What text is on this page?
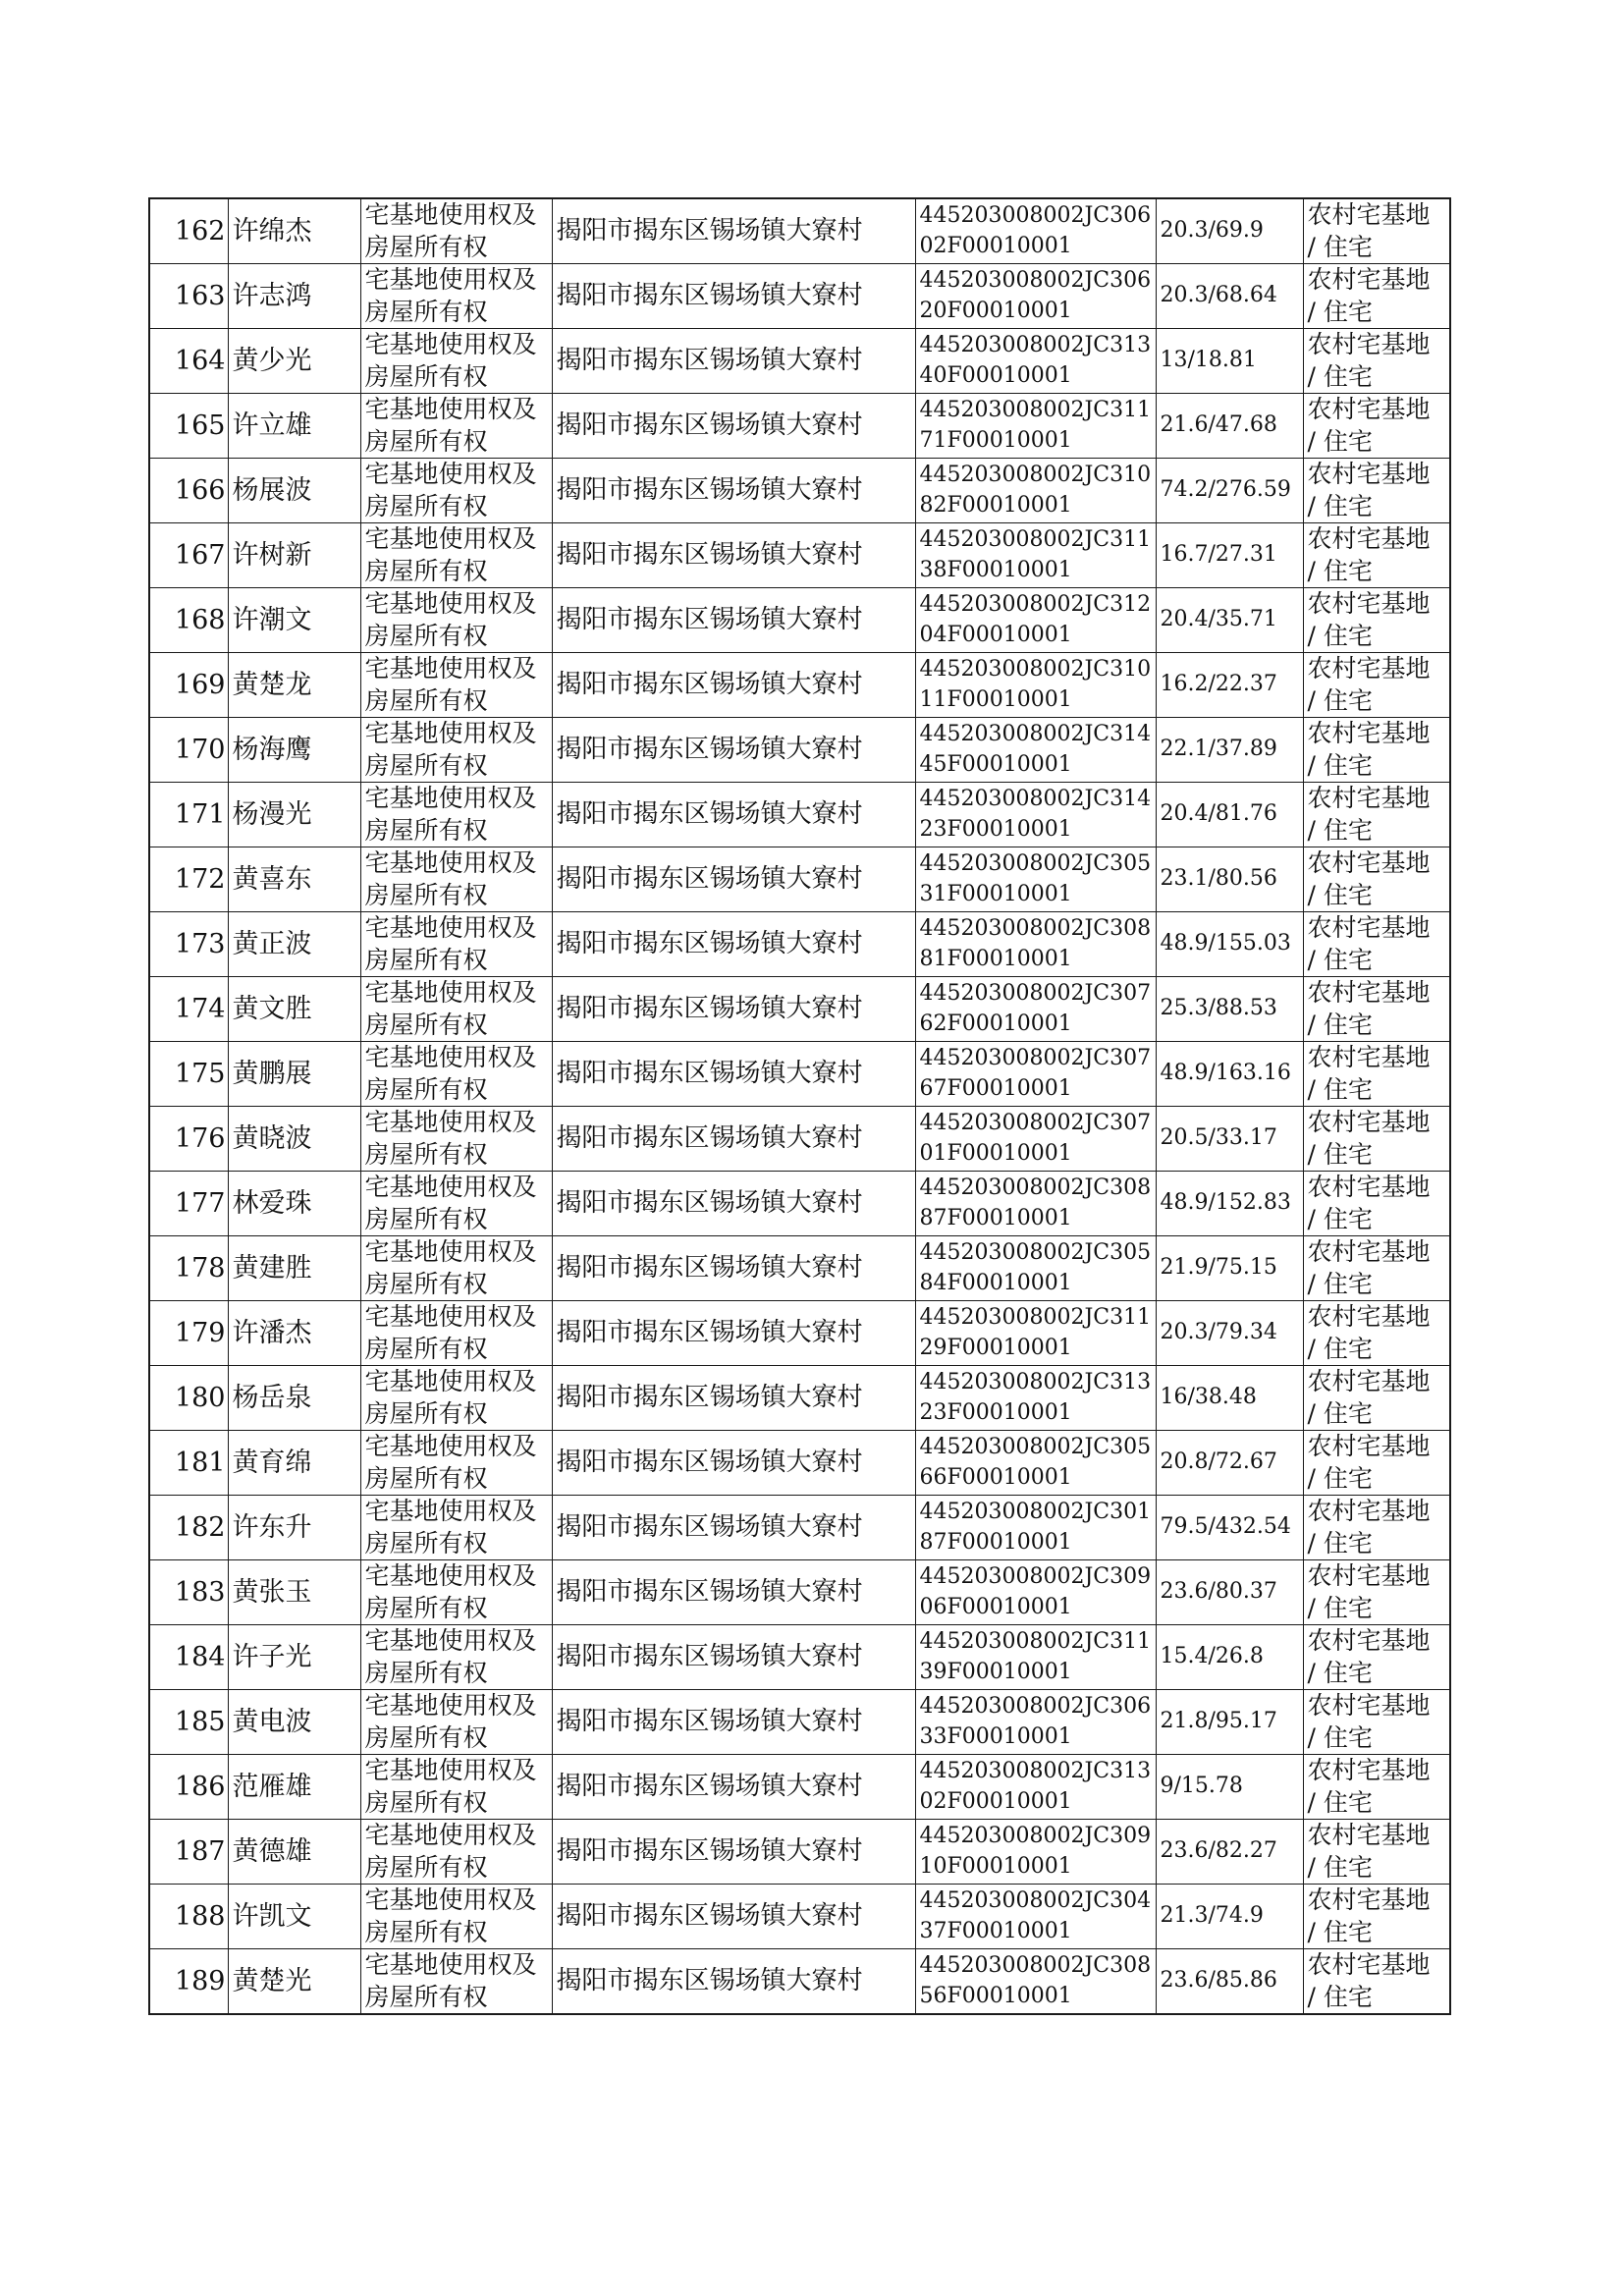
162	许绵杰	宅基地使用权及房屋所有权	揭阳市揭东区锡场镇大寮村	445203008002JC30602F00010001	20.3/69.9	农村宅基地 / 住宅
163	许志鸿	宅基地使用权及房屋所有权	揭阳市揭东区锡场镇大寮村	445203008002JC30620F00010001	20.3/68.64	农村宅基地 / 住宅
164	黄少光	宅基地使用权及房屋所有权	揭阳市揭东区锡场镇大寮村	445203008002JC31340F00010001	13/18.81	农村宅基地 / 住宅
165	许立雄	宅基地使用权及房屋所有权	揭阳市揭东区锡场镇大寮村	445203008002JC31171F00010001	21.6/47.68	农村宅基地 / 住宅
166	杨展波	宅基地使用权及房屋所有权	揭阳市揭东区锡场镇大寮村	445203008002JC31082F00010001	74.2/276.59	农村宅基地 / 住宅
167	许树新	宅基地使用权及房屋所有权	揭阳市揭东区锡场镇大寮村	445203008002JC31138F00010001	16.7/27.31	农村宅基地 / 住宅
168	许潮文	宅基地使用权及房屋所有权	揭阳市揭东区锡场镇大寮村	445203008002JC31204F00010001	20.4/35.71	农村宅基地 / 住宅
169	黄楚龙	宅基地使用权及房屋所有权	揭阳市揭东区锡场镇大寮村	445203008002JC31011F00010001	16.2/22.37	农村宅基地 / 住宅
170	杨海鹰	宅基地使用权及房屋所有权	揭阳市揭东区锡场镇大寮村	445203008002JC31445F00010001	22.1/37.89	农村宅基地 / 住宅
171	杨漫光	宅基地使用权及房屋所有权	揭阳市揭东区锡场镇大寮村	445203008002JC31423F00010001	20.4/81.76	农村宅基地 / 住宅
172	黄喜东	宅基地使用权及房屋所有权	揭阳市揭东区锡场镇大寮村	445203008002JC30531F00010001	23.1/80.56	农村宅基地 / 住宅
173	黄正波	宅基地使用权及房屋所有权	揭阳市揭东区锡场镇大寮村	445203008002JC30881F00010001	48.9/155.03	农村宅基地 / 住宅
174	黄文胜	宅基地使用权及房屋所有权	揭阳市揭东区锡场镇大寮村	445203008002JC30762F00010001	25.3/88.53	农村宅基地 / 住宅
175	黄鹏展	宅基地使用权及房屋所有权	揭阳市揭东区锡场镇大寮村	445203008002JC30767F00010001	48.9/163.16	农村宅基地 / 住宅
176	黄晓波	宅基地使用权及房屋所有权	揭阳市揭东区锡场镇大寮村	445203008002JC30701F00010001	20.5/33.17	农村宅基地 / 住宅
177	林爱珠	宅基地使用权及房屋所有权	揭阳市揭东区锡场镇大寮村	445203008002JC30887F00010001	48.9/152.83	农村宅基地 / 住宅
178	黄建胜	宅基地使用权及房屋所有权	揭阳市揭东区锡场镇大寮村	445203008002JC30584F00010001	21.9/75.15	农村宅基地 / 住宅
179	许潘杰	宅基地使用权及房屋所有权	揭阳市揭东区锡场镇大寮村	445203008002JC31129F00010001	20.3/79.34	农村宅基地 / 住宅
180	杨岳泉	宅基地使用权及房屋所有权	揭阳市揭东区锡场镇大寮村	445203008002JC31323F00010001	16/38.48	农村宅基地 / 住宅
181	黄育绵	宅基地使用权及房屋所有权	揭阳市揭东区锡场镇大寮村	445203008002JC30566F00010001	20.8/72.67	农村宅基地 / 住宅
182	许东升	宅基地使用权及房屋所有权	揭阳市揭东区锡场镇大寮村	445203008002JC30187F00010001	79.5/432.54	农村宅基地 / 住宅
183	黄张玉	宅基地使用权及房屋所有权	揭阳市揭东区锡场镇大寮村	445203008002JC30906F00010001	23.6/80.37	农村宅基地 / 住宅
184	许子光	宅基地使用权及房屋所有权	揭阳市揭东区锡场镇大寮村	445203008002JC31139F00010001	15.4/26.8	农村宅基地 / 住宅
185	黄电波	宅基地使用权及房屋所有权	揭阳市揭东区锡场镇大寮村	445203008002JC30633F00010001	21.8/95.17	农村宅基地 / 住宅
186	范雁雄	宅基地使用权及房屋所有权	揭阳市揭东区锡场镇大寮村	445203008002JC31302F00010001	9/15.78	农村宅基地 / 住宅
187	黄德雄	宅基地使用权及房屋所有权	揭阳市揭东区锡场镇大寮村	445203008002JC30910F00010001	23.6/82.27	农村宅基地 / 住宅
188	许凯文	宅基地使用权及房屋所有权	揭阳市揭东区锡场镇大寮村	445203008002JC30437F00010001	21.3/74.9	农村宅基地 / 住宅
189	黄楚光	宅基地使用权及房屋所有权	揭阳市揭东区锡场镇大寮村	445203008002JC30856F00010001	23.6/85.86	农村宅基地 / 住宅
